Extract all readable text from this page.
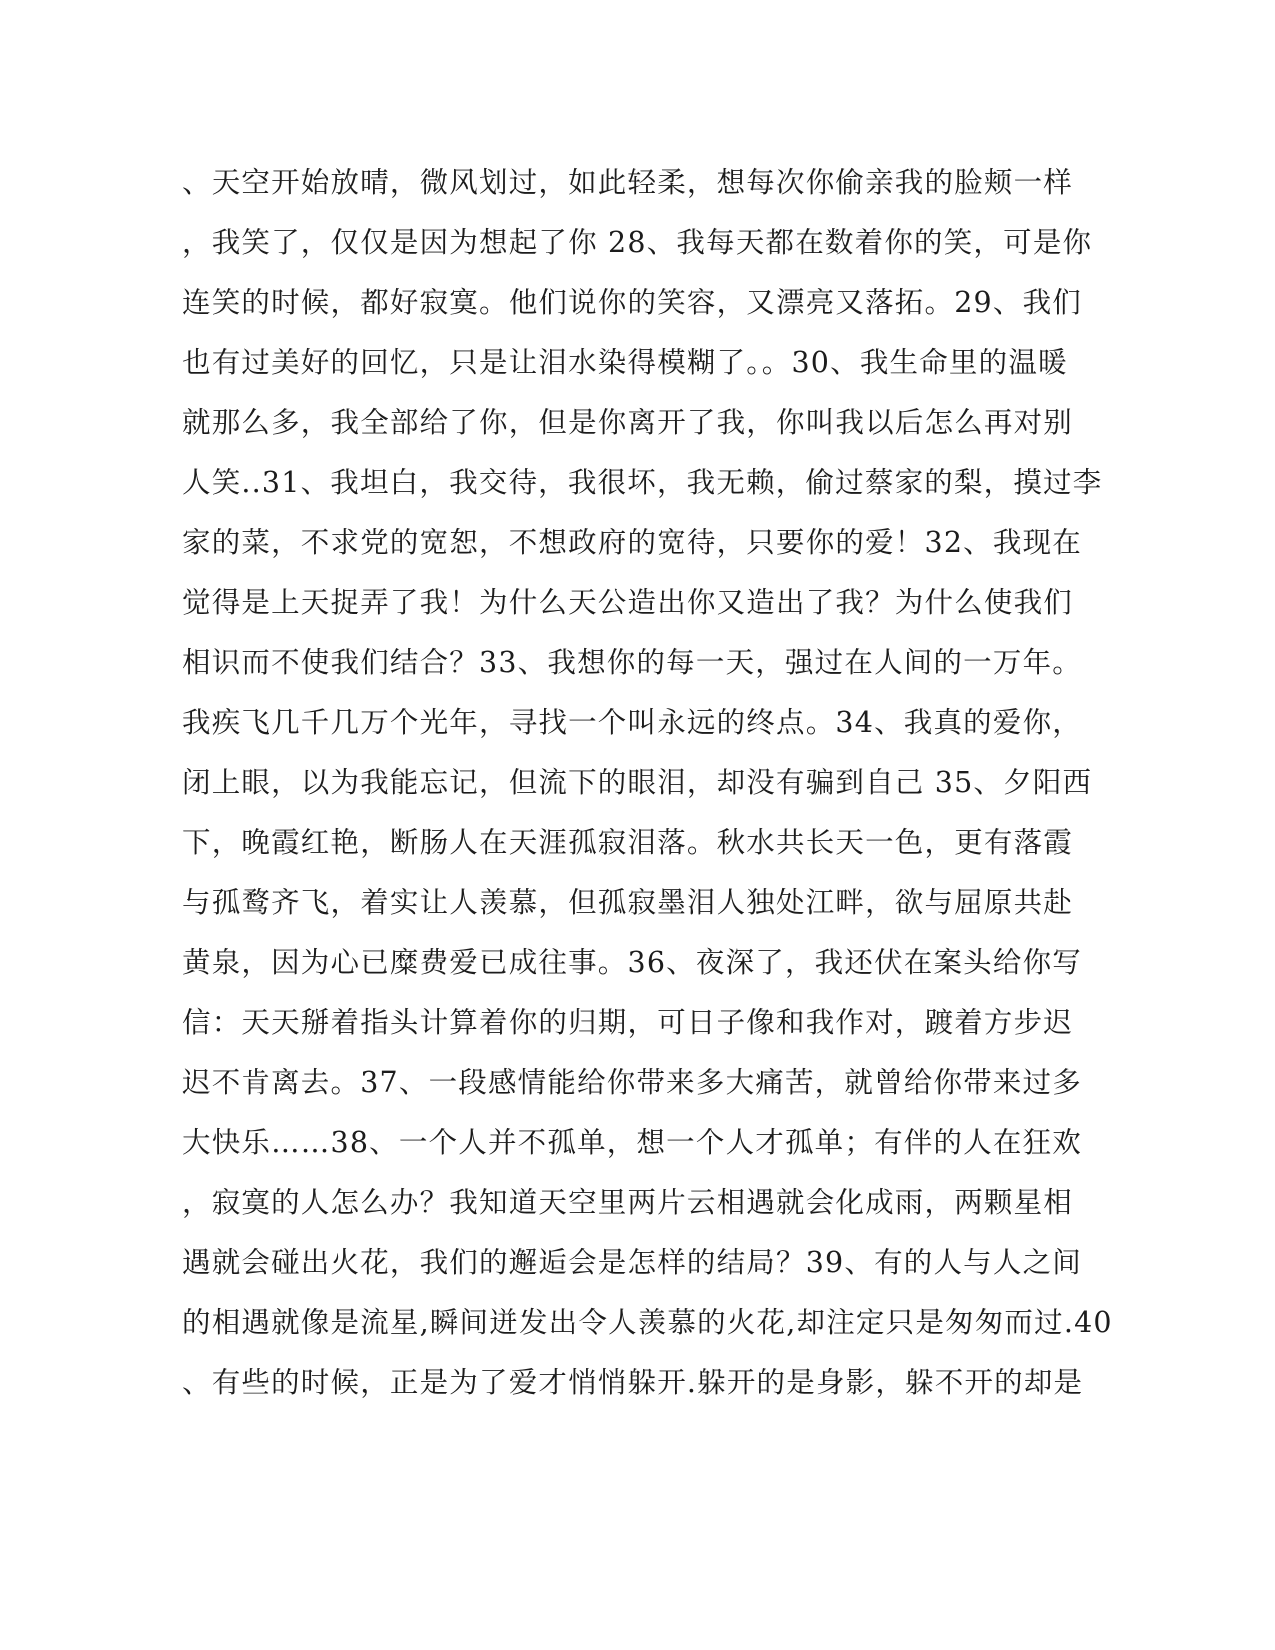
、天空开始放晴，微风划过，如此轻柔，想每次你偷亲我的脸颊一样
，我笑了，仅仅是因为想起了你 28、我每天都在数着你的笑，可是你
连笑的时候，都好寂寞。他们说你的笑容，又漂亮又落拓。29、我们
也有过美好的回忆，只是让泪水染得模糊了。。30、我生命里的温暖
就那么多，我全部给了你，但是你离开了我，你叫我以后怎么再对别
人笑..31、我坦白，我交待，我很坏，我无赖，偷过蔡家的梨，摸过李
家的菜，不求党的宽恕，不想政府的宽待，只要你的爱！32、我现在
觉得是上天捉弄了我！为什么天公造出你又造出了我？为什么使我们
相识而不使我们结合？33、我想你的每一天，强过在人间的一万年。
我疾飞几千几万个光年，寻找一个叫永远的终点。34、我真的爱你，
闭上眼，以为我能忘记，但流下的眼泪，却没有骗到自己 35、夕阳西
下，晚霞红艳，断肠人在天涯孤寂泪落。秋水共长天一色，更有落霞
与孤鹜齐飞，着实让人羡慕，但孤寂墨泪人独处江畔，欲与屈原共赴
黄泉，因为心已糜费爱已成往事。36、夜深了，我还伏在案头给你写
信：天天掰着指头计算着你的归期，可日子像和我作对，踱着方步迟
迟不肯离去。37、一段感情能给你带来多大痛苦，就曾给你带来过多
大快乐……38、一个人并不孤单，想一个人才孤单；有伴的人在狂欢
，寂寞的人怎么办？我知道天空里两片云相遇就会化成雨，两颗星相
遇就会碰出火花，我们的邂逅会是怎样的结局？39、有的人与人之间
的相遇就像是流星,瞬间迸发出令人羡慕的火花,却注定只是匆匆而过.40
、有些的时候，正是为了爱才悄悄躲开.躲开的是身影，躲不开的却是
